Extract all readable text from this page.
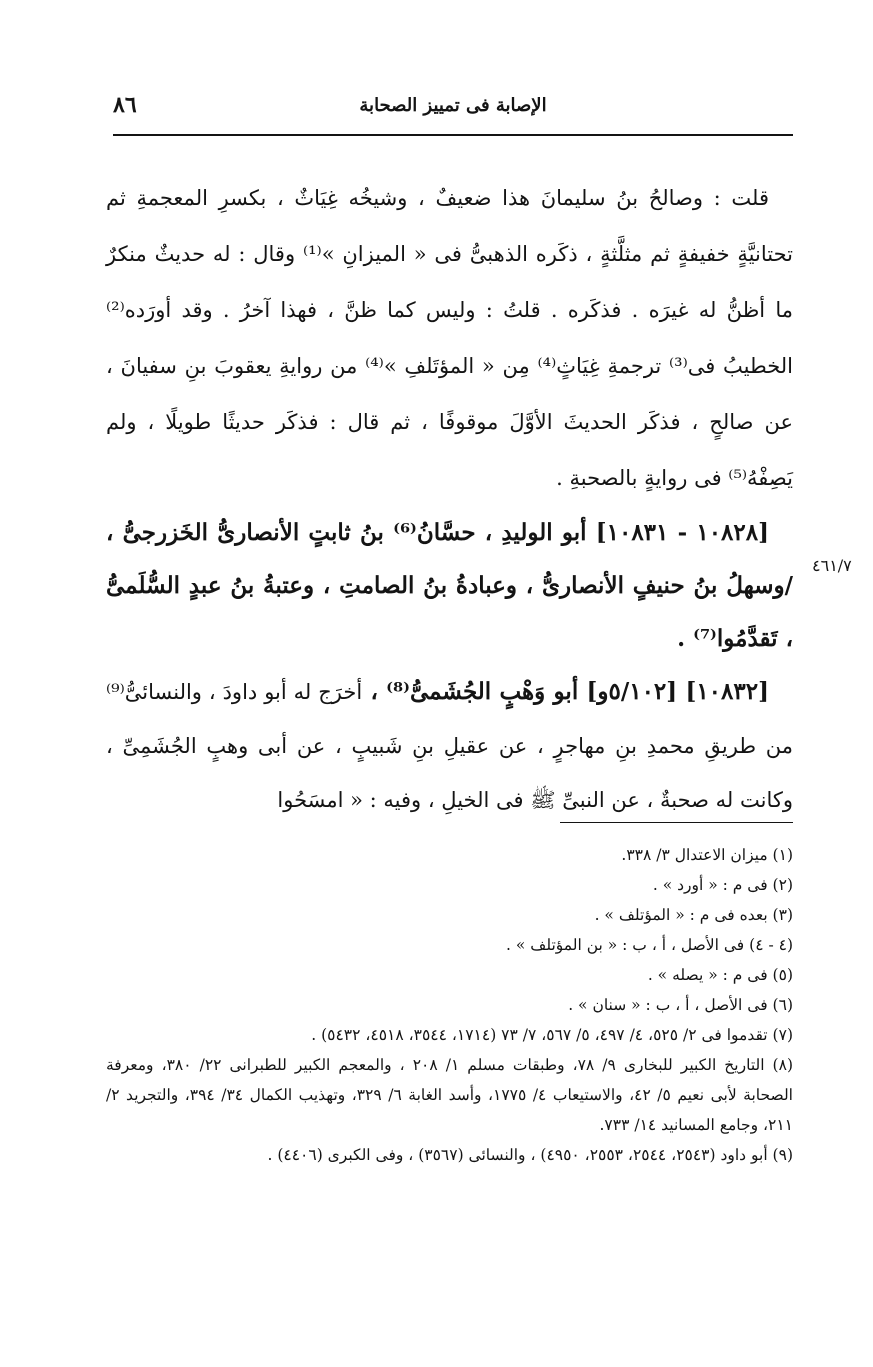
٨٦	الإصابة فى تمييز الصحابة

قلت : وصالحُ بنُ سليمانَ هذا ضعيفٌ ، وشيخُه غِيَاثٌ ، بكسرِ المعجمةِ ثم تحتانيَّةٍ خفيفةٍ ثم مثلَّثةٍ ، ذكَره الذهبىُّ فى « الميزانِ »⁽¹⁾ وقال : له حديثٌ منكرٌ ما أظنُّ له غيرَه . فذكَره . قلتُ : وليس كما ظنَّ ، فهذا آخرُ . وقد أورَده⁽²⁾ الخطيبُ فى⁽³⁾ ترجمةِ غِيَاثٍ⁽⁴⁾ مِن « المؤتَلفِ »⁽⁴⁾ من روايةِ يعقوبَ بنِ سفيانَ ، عن صالحٍ ، فذكَر الحديثَ الأوَّلَ موقوفًا ، ثم قال : فذكَر حديثًا طويلًا ، ولم يَصِفْهُ⁽⁵⁾ فى روايةٍ بالصحبةِ .

[١٠٨٢٨ - ١٠٨٣١] أبو الوليدِ ، حسَّانُ⁽⁶⁾ بنُ ثابتٍ الأنصارىُّ الخَزرجىُّ ، /وسهلُ بنُ حنيفٍ الأنصارىُّ ، وعبادةُ بنُ الصامتِ ، وعتبةُ بنُ عبدٍ السُّلَمىُّ ، تَقدَّمُوا⁽⁷⁾ .

[١٠٨٣٢] [٥/١٠٢و] أبو وَهْبٍ الجُشَمىُّ⁽⁸⁾ ، أخرَج له أبو داودَ ، والنسائىُّ⁽⁹⁾ من طريقِ محمدِ بنِ مهاجرٍ ، عن عقيلِ بنِ شَبيبٍ ، عن أبى وهبٍ الجُشَمِىِّ ، وكانت له صحبةٌ ، عن النبىِّ ﷺ فى الخيلِ ، وفيه : « امسَحُوا

٤٦١/٧

(١) ميزان الاعتدال ٣/ ٣٣٨.

(٢) فى م : « أورد » .

(٣) بعده فى م : « المؤتلف » .

(٤ - ٤) فى الأصل ، أ ، ب : « بن المؤتلف » .

(٥) فى م : « يصله » .

(٦) فى الأصل ، أ ، ب : « سنان » .

(٧) تقدموا فى ٢/ ٥٢٥، ٤/ ٤٩٧، ٥/ ٥٦٧، ٧/ ٧٣ (١٧١٤، ٣٥٤٤، ٤٥١٨، ٥٤٣٢) .

(٨) التاريخ الكبير للبخارى ٩/ ٧٨، وطبقات مسلم ١/ ٢٠٨ ، والمعجم الكبير للطبرانى ٢٢/ ٣٨٠، ومعرفة الصحابة لأبى نعيم ٥/ ٤٢، والاستيعاب ٤/ ١٧٧٥، وأسد الغابة ٦/ ٣٢٩، وتهذيب الكمال ٣٤/ ٣٩٤، والتجريد ٢/ ٢١١، وجامع المسانيد ١٤/ ٧٣٣.

(٩) أبو داود (٢٥٤٣، ٢٥٤٤، ٢٥٥٣، ٤٩٥٠) ، والنسائى (٣٥٦٧) ، وفى الكبرى (٤٤٠٦) .
